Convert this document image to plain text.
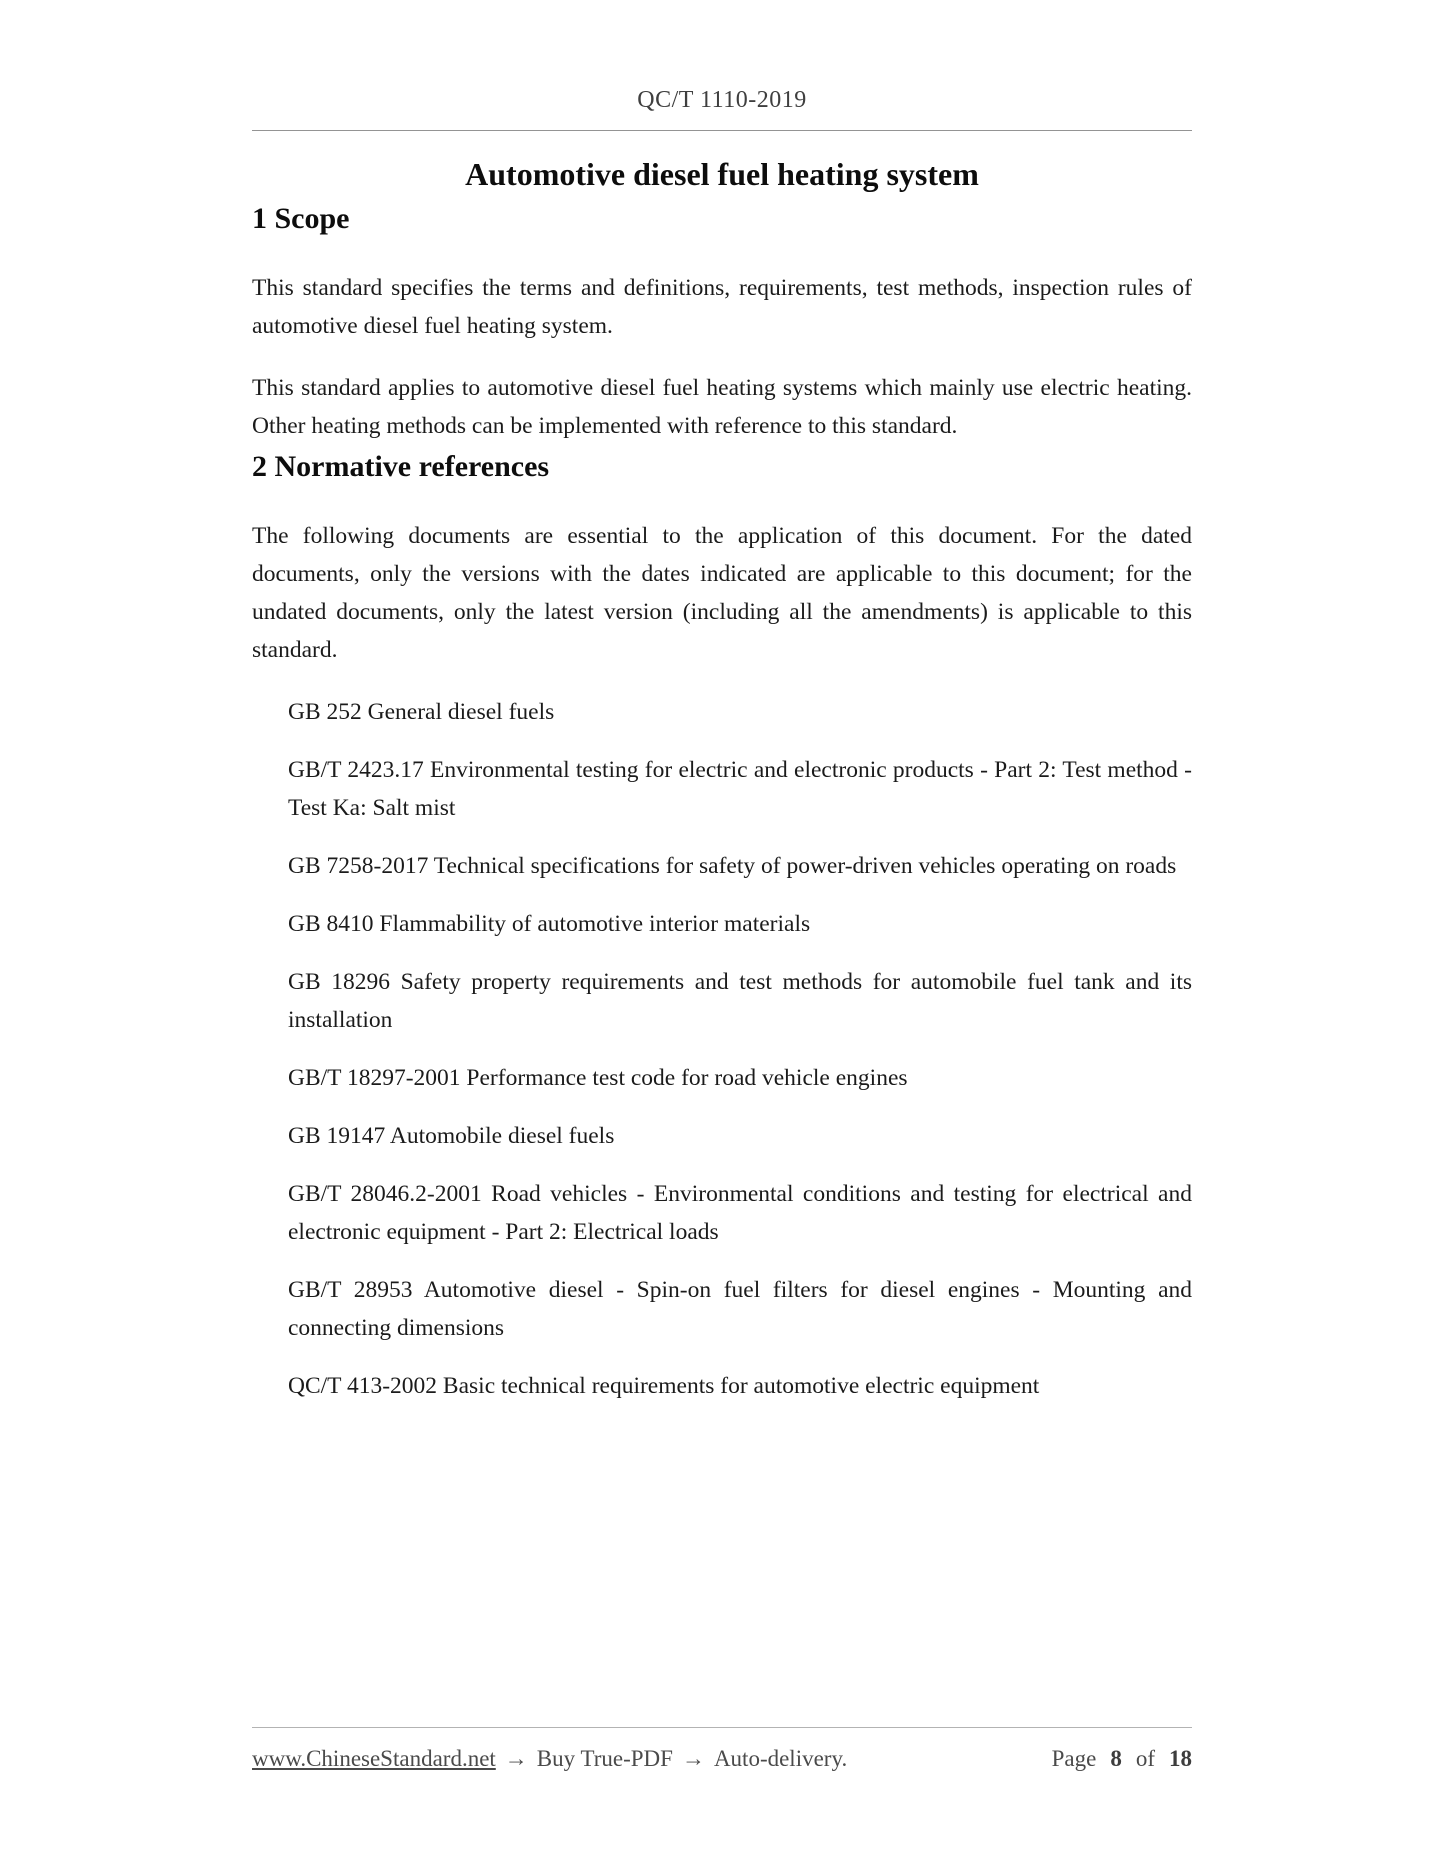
QC/T 1110-2019
Automotive diesel fuel heating system
1 Scope

This standard specifies the terms and definitions, requirements, test methods, inspection rules of automotive diesel fuel heating system.

This standard applies to automotive diesel fuel heating systems which mainly use electric heating. Other heating methods can be implemented with reference to this standard.

2 Normative references

The following documents are essential to the application of this document. For the dated documents, only the versions with the dates indicated are applicable to this document; for the undated documents, only the latest version (including all the amendments) is applicable to this standard.

GB 252 General diesel fuels

GB/T 2423.17 Environmental testing for electric and electronic products - Part 2: Test method - Test Ka: Salt mist

GB 7258-2017 Technical specifications for safety of power-driven vehicles operating on roads

GB 8410 Flammability of automotive interior materials

GB 18296 Safety property requirements and test methods for automobile fuel tank and its installation

GB/T 18297-2001 Performance test code for road vehicle engines

GB 19147 Automobile diesel fuels

GB/T 28046.2-2001 Road vehicles - Environmental conditions and testing for electrical and electronic equipment - Part 2: Electrical loads

GB/T 28953 Automotive diesel - Spin-on fuel filters for diesel engines - Mounting and connecting dimensions

QC/T 413-2002 Basic technical requirements for automotive electric equipment

www.ChineseStandard.net → Buy True-PDF → Auto-delivery.	Page 8 of 18
